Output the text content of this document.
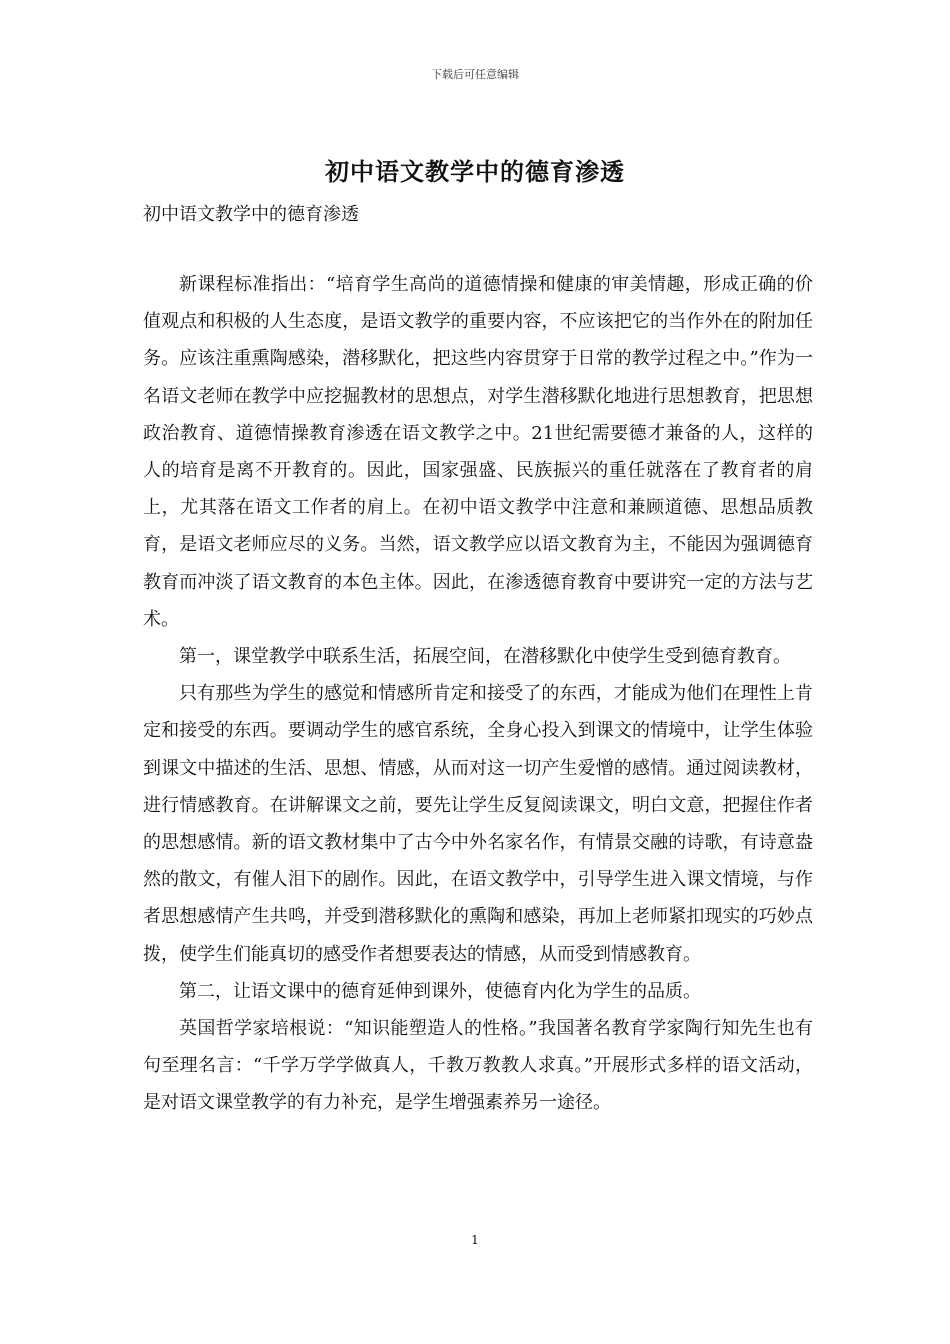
下载后可任意编辑
初中语文教学中的德育渗透
初中语文教学中的德育渗透

新课程标准指出：“培育学生高尚的道德情操和健康的审美情趣，形成正确的价值观点和积极的人生态度，是语文教学的重要内容，不应该把它的当作外在的附加任务。应该注重熏陶感染，潜移默化，把这些内容贯穿于日常的教学过程之中。”作为一名语文老师在教学中应挖掘教材的思想点，对学生潜移默化地进行思想教育，把思想政治教育、道德情操教育渗透在语文教学之中。21世纪需要德才兼备的人，这样的人的培育是离不开教育的。因此，国家强盛、民族振兴的重任就落在了教育者的肩上，尤其落在语文工作者的肩上。在初中语文教学中注意和兼顾道德、思想品质教育，是语文老师应尽的义务。当然，语文教学应以语文教育为主，不能因为强调德育教育而冲淡了语文教育的本色主体。因此，在渗透德育教育中要讲究一定的方法与艺术。

第一，课堂教学中联系生活，拓展空间，在潜移默化中使学生受到德育教育。

只有那些为学生的感觉和情感所肯定和接受了的东西，才能成为他们在理性上肯定和接受的东西。要调动学生的感官系统，全身心投入到课文的情境中，让学生体验到课文中描述的生活、思想、情感，从而对这一切产生爱憎的感情。通过阅读教材，进行情感教育。在讲解课文之前，要先让学生反复阅读课文，明白文意，把握住作者的思想感情。新的语文教材集中了古今中外名家名作，有情景交融的诗歌，有诗意盎然的散文，有催人泪下的剧作。因此，在语文教学中，引导学生进入课文情境，与作者思想感情产生共鸣，并受到潜移默化的熏陶和感染，再加上老师紧扣现实的巧妙点拨，使学生们能真切的感受作者想要表达的情感，从而受到情感教育。

第二，让语文课中的德育延伸到课外，使德育内化为学生的品质。

英国哲学家培根说：“知识能塑造人的性格。”我国著名教育学家陶行知先生也有句至理名言：“千学万学学做真人，千教万教教人求真。”开展形式多样的语文活动，是对语文课堂教学的有力补充，是学生增强素养另一途径。

1
